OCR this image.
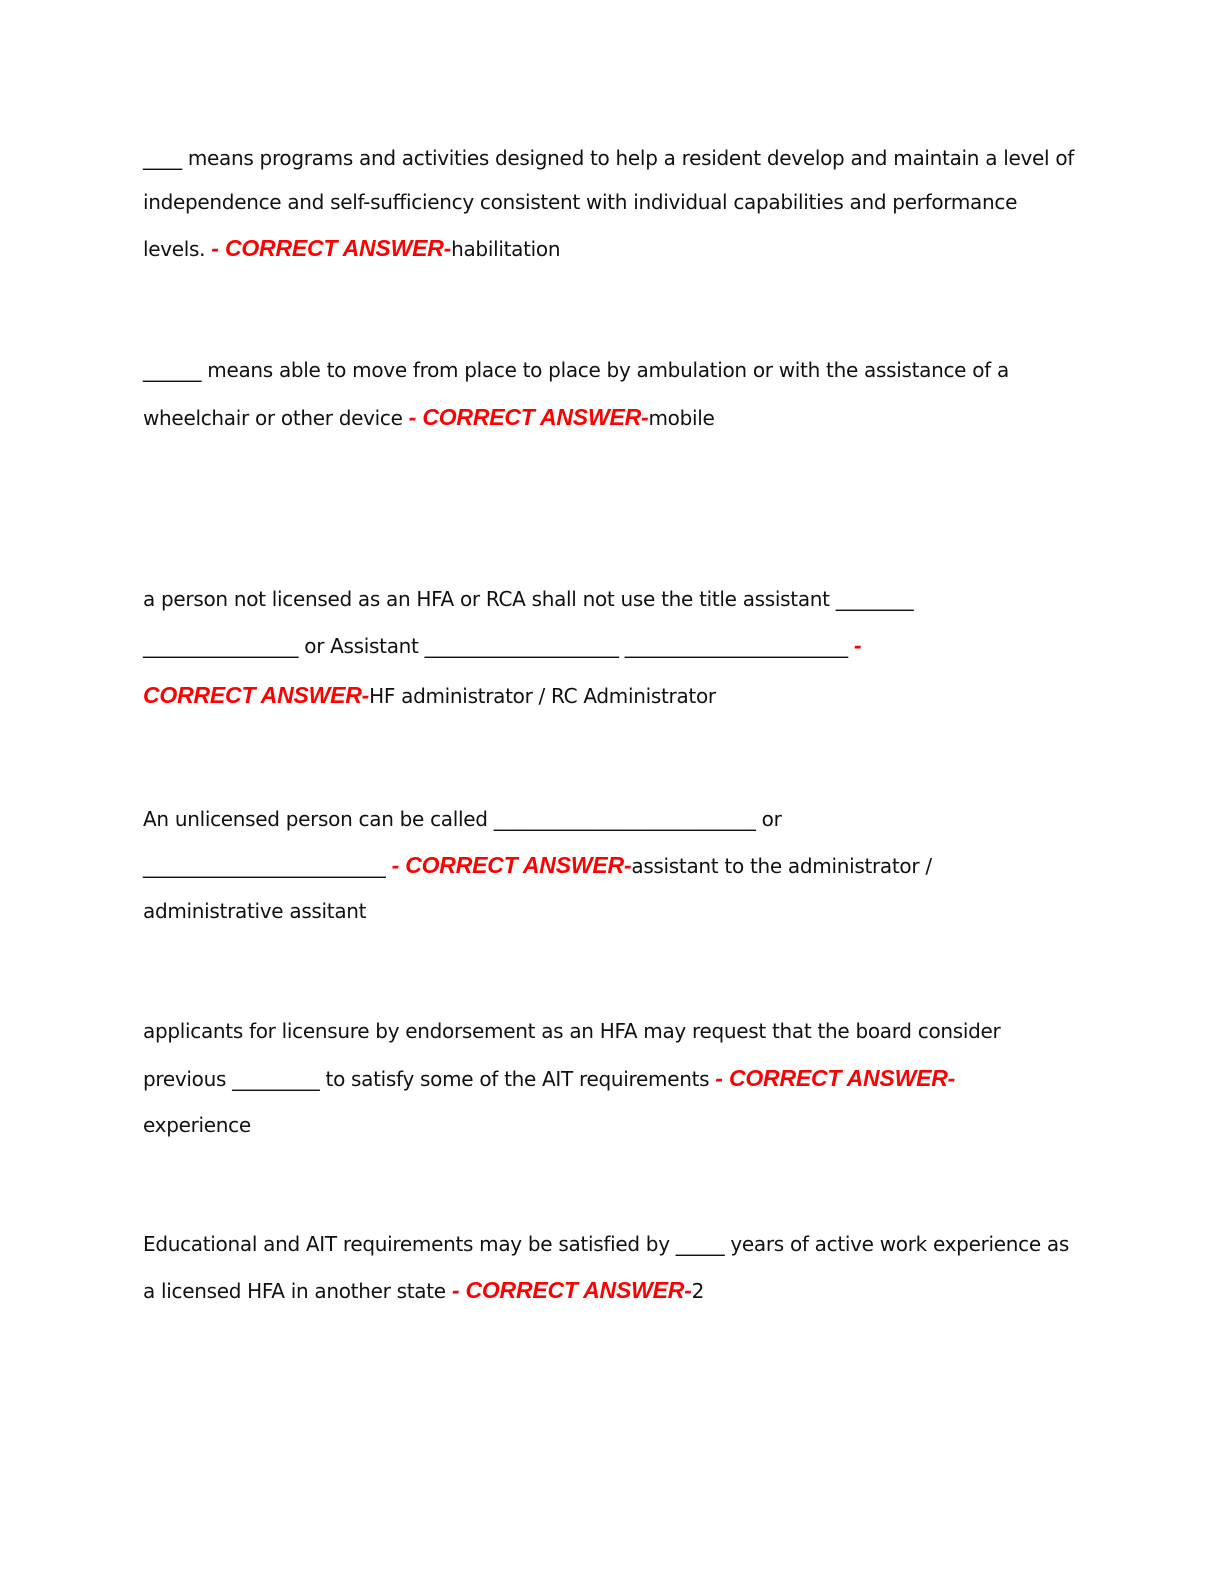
____ means programs and activities designed to help a resident develop and maintain a level of
independence and self-sufficiency consistent with individual capabilities and performance
levels. - CORRECT ANSWER-habilitation
______ means able to move from place to place by ambulation or with the assistance of a
wheelchair or other device - CORRECT ANSWER-mobile
a person not licensed as an HFA or RCA shall not use the title assistant ________
________________ or Assistant ____________________ _______________________ -
CORRECT ANSWER-HF administrator / RC Administrator
An unlicensed person can be called ___________________________ or
_________________________ - CORRECT ANSWER-assistant to the administrator /
administrative assitant
applicants for licensure by endorsement as an HFA may request that the board consider
previous _________ to satisfy some of the AIT requirements - CORRECT ANSWER-
experience
Educational and AIT requirements may be satisfied by _____ years of active work experience as
a licensed HFA in another state - CORRECT ANSWER-2
